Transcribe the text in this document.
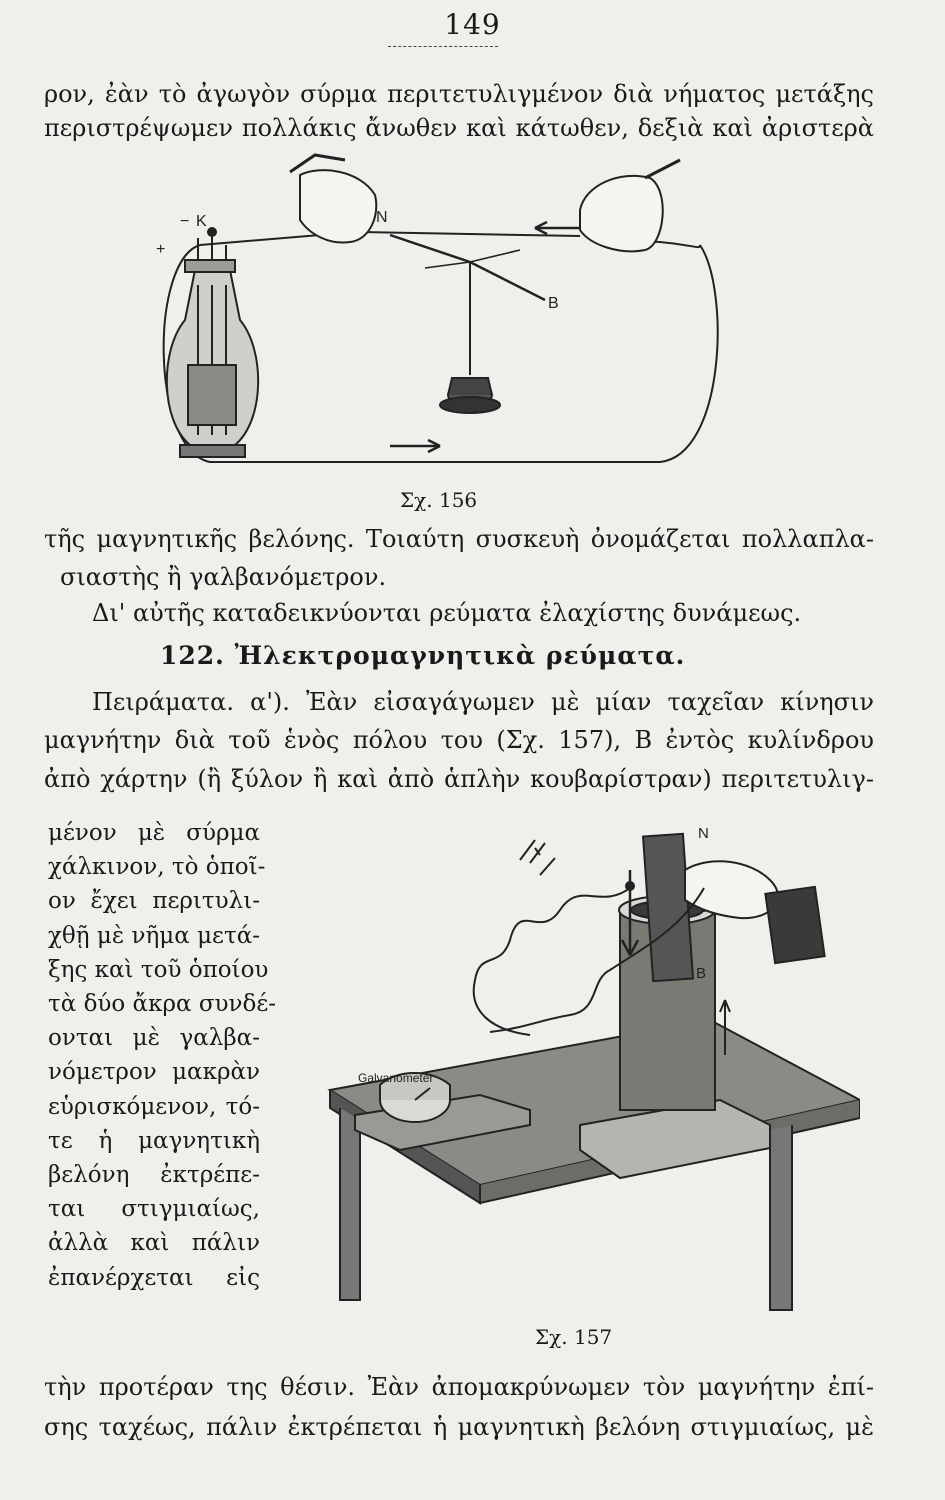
149
ρον, ἐὰν τὸ ἀγωγὸν σύρμα περιτετυλιγμένον διὰ νήματος μετάξης
περιστρέψωμεν πολλάκις ἄνωθεν καὶ κάτωθεν, δεξιὰ καὶ ἀριστερὰ
− K
+
N
B
Σχ. 156
τῆς μαγνητικῆς βελόνης. Τοιαύτη συσκευὴ ὀνομάζεται πολλαπλα-
σιαστὴς ἢ γαλβανόμετρον.
Δι' αὐτῆς καταδεικνύονται ρεύματα ἐλαχίστης δυνάμεως.
122. Ἠλεκτρομαγνητικὰ ρεύματα.
Πειράματα. α'). Ἐὰν εἰσαγάγωμεν μὲ μίαν ταχεῖαν κίνησιν
μαγνήτην διὰ τοῦ ἑνὸς πόλου του (Σχ. 157), Β ἐντὸς κυλίνδρου
ἀπὸ χάρτην (ἢ ξύλον ἢ καὶ ἀπὸ ἁπλὴν κουβαρίστραν) περιτετυλιγ-
μένον μὲ σύρμα
χάλκινον, τὸ ὁποῖ-
ον ἔχει περιτυλι-
χθῇ μὲ νῆμα μετά-
ξης καὶ τοῦ ὁποίου
τὰ δύο ἄκρα συνδέ-
ονται μὲ γαλβα-
νόμετρον μακρὰν
εὑρισκόμενον, τό-
τε ἡ μαγνητικὴ
βελόνη ἐκτρέπε-
ται στιγμιαίως,
ἀλλὰ καὶ πάλιν
ἐπανέρχεται εἰς
N
B
Galvanometer
Σχ. 157
τὴν προτέραν της θέσιν. Ἐὰν ἀπομακρύνωμεν τὸν μαγνήτην ἐπί-
σης ταχέως, πάλιν ἐκτρέπεται ἡ μαγνητικὴ βελόνη στιγμιαίως, μὲ
